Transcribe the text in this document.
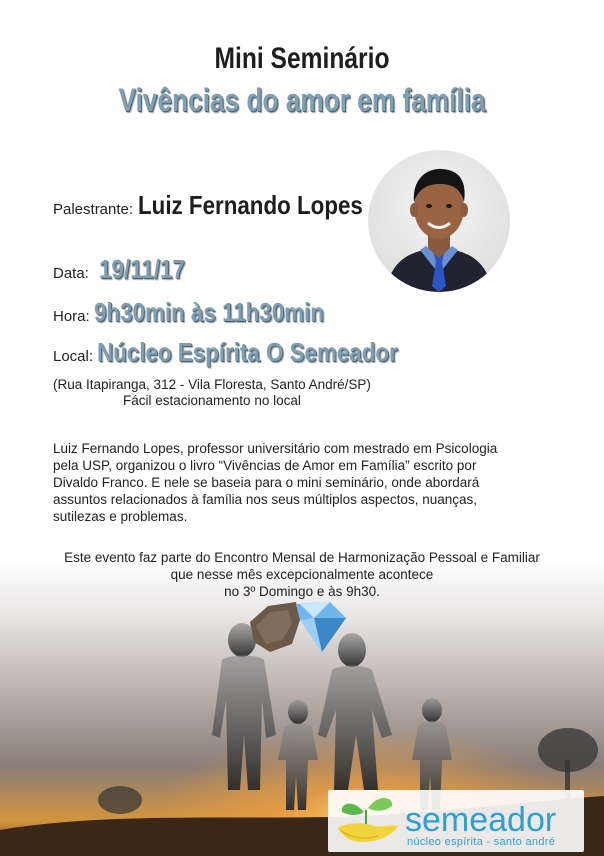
Mini Seminário
Vivências do amor em família
Palestrante: Luiz Fernando Lopes
Data: 19/11/17
Hora: 9h30min às 11h30min
Local: Núcleo Espírita O Semeador
(Rua Itapiranga, 312 - Vila Floresta, Santo André/SP)
Fácil estacionamento no local
Luiz Fernando Lopes, professor universitário com mestrado em Psicologia
pela USP, organizou o livro “Vivências de Amor em Família” escrito por
Divaldo Franco. E nele se baseia para o mini seminário, onde abordará
assuntos relacionados à família nos seus múltiplos aspectos, nuanças,
sutilezas e problemas.
Este evento faz parte do Encontro Mensal de Harmonização Pessoal e Familiar
que nesse mês excepcionalmente acontece
no 3º Domingo e às 9h30.
semeador
núcleo espírita - santo andré
